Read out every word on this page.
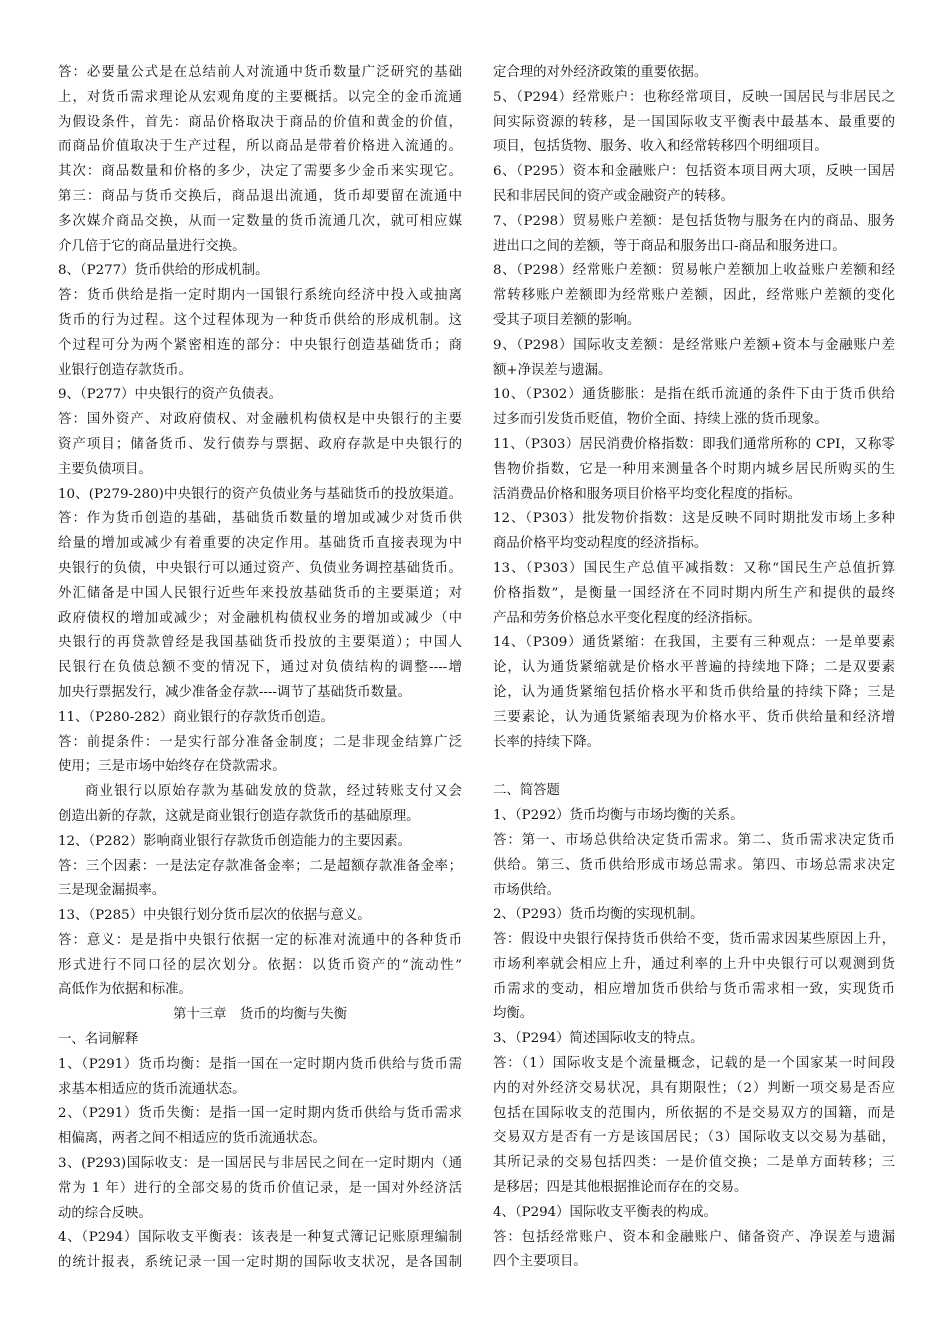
答：必要量公式是在总结前人对流通中货币数量广泛研究的基础
上，对货币需求理论从宏观角度的主要概括。以完全的金币流通
为假设条件，首先：商品价格取决于商品的价值和黄金的价值，
而商品价值取决于生产过程，所以商品是带着价格进入流通的。
其次：商品数量和价格的多少，决定了需要多少金币来实现它。
第三：商品与货币交换后，商品退出流通，货币却要留在流通中
多次媒介商品交换，从而一定数量的货币流通几次，就可相应媒
介几倍于它的商品量进行交换。
8、（P277）货币供给的形成机制。
答：货币供给是指一定时期内一国银行系统向经济中投入或抽离
货币的行为过程。这个过程体现为一种货币供给的形成机制。这
个过程可分为两个紧密相连的部分：中央银行创造基础货币；商
业银行创造存款货币。
9、（P277）中央银行的资产负债表。
答：国外资产、对政府债权、对金融机构债权是中央银行的主要
资产项目；储备货币、发行债券与票据、政府存款是中央银行的
主要负债项目。
10、(P279-280)中央银行的资产负债业务与基础货币的投放渠道。
答：作为货币创造的基础，基础货币数量的增加或减少对货币供
给量的增加或减少有着重要的决定作用。基础货币直接表现为中
央银行的负债，中央银行可以通过资产、负债业务调控基础货币。
外汇储备是中国人民银行近些年来投放基础货币的主要渠道；对
政府债权的增加或减少；对金融机构债权业务的增加或减少（中
央银行的再贷款曾经是我国基础货币投放的主要渠道）；中国人
民银行在负债总额不变的情况下，通过对负债结构的调整----增
加央行票据发行，减少准备金存款----调节了基础货币数量。
11、（P280-282）商业银行的存款货币创造。
答：前提条件：一是实行部分准备金制度；二是非现金结算广泛
使用；三是市场中始终存在贷款需求。
商业银行以原始存款为基础发放的贷款，经过转账支付又会
创造出新的存款，这就是商业银行创造存款货币的基础原理。
12、（P282）影响商业银行存款货币创造能力的主要因素。
答：三个因素：一是法定存款准备金率；二是超额存款准备金率；
三是现金漏损率。
13、（P285）中央银行划分货币层次的依据与意义。
答：意义：是是指中央银行依据一定的标准对流通中的各种货币
形式进行不同口径的层次划分。依据：以货币资产的“流动性”
高低作为依据和标准。
第十三章　货币的均衡与失衡
一、名词解释
1、（P291）货币均衡：是指一国在一定时期内货币供给与货币需
求基本相适应的货币流通状态。
2、（P291）货币失衡：是指一国一定时期内货币供给与货币需求
相偏离，两者之间不相适应的货币流通状态。
3、(P293)国际收支：是一国居民与非居民之间在一定时期内（通
常为 1 年）进行的全部交易的货币价值记录，是一国对外经济活
动的综合反映。
4、（P294）国际收支平衡表：该表是一种复式簿记记账原理编制
的统计报表，系统记录一国一定时期的国际收支状况，是各国制
定合理的对外经济政策的重要依据。
5、（P294）经常账户：也称经常项目，反映一国居民与非居民之
间实际资源的转移，是一国国际收支平衡表中最基本、最重要的
项目，包括货物、服务、收入和经常转移四个明细项目。
6、（P295）资本和金融账户：包括资本项目两大项，反映一国居
民和非居民间的资产或金融资产的转移。
7、（P298）贸易账户差额：是包括货物与服务在内的商品、服务
进出口之间的差额，等于商品和服务出口-商品和服务进口。
8、（P298）经常账户差额：贸易帐户差额加上收益账户差额和经
常转移账户差额即为经常账户差额，因此，经常账户差额的变化
受其子项目差额的影响。
9、（P298）国际收支差额：是经常账户差额+资本与金融账户差
额+净误差与遗漏。
10、（P302）通货膨胀：是指在纸币流通的条件下由于货币供给
过多而引发货币贬值，物价全面、持续上涨的货币现象。
11、（P303）居民消费价格指数：即我们通常所称的 CPI，又称零
售物价指数，它是一种用来测量各个时期内城乡居民所购买的生
活消费品价格和服务项目价格平均变化程度的指标。
12、（P303）批发物价指数：这是反映不同时期批发市场上多种
商品价格平均变动程度的经济指标。
13、（P303）国民生产总值平减指数：又称“国民生产总值折算
价格指数”，是衡量一国经济在不同时期内所生产和提供的最终
产品和劳务价格总水平变化程度的经济指标。
14、（P309）通货紧缩：在我国，主要有三种观点：一是单要素
论，认为通货紧缩就是价格水平普遍的持续地下降；二是双要素
论，认为通货紧缩包括价格水平和货币供给量的持续下降；三是
三要素论，认为通货紧缩表现为价格水平、货币供给量和经济增
长率的持续下降。
二、简答题
1、（P292）货币均衡与市场均衡的关系。
答：第一、市场总供给决定货币需求。第二、货币需求决定货币
供给。第三、货币供给形成市场总需求。第四、市场总需求决定
市场供给。
2、（P293）货币均衡的实现机制。
答：假设中央银行保持货币供给不变，货币需求因某些原因上升，
市场利率就会相应上升，通过利率的上升中央银行可以观测到货
币需求的变动，相应增加货币供给与货币需求相一致，实现货币
均衡。
3、（P294）简述国际收支的特点。
答：（1）国际收支是个流量概念，记载的是一个国家某一时间段
内的对外经济交易状况，具有期限性；（2）判断一项交易是否应
包括在国际收支的范围内，所依据的不是交易双方的国籍，而是
交易双方是否有一方是该国居民；（3）国际收支以交易为基础，
其所记录的交易包括四类：一是价值交换；二是单方面转移；三
是移居；四是其他根据推论而存在的交易。
4、（P294）国际收支平衡表的构成。
答：包括经常账户、资本和金融账户、储备资产、净误差与遗漏
四个主要项目。
